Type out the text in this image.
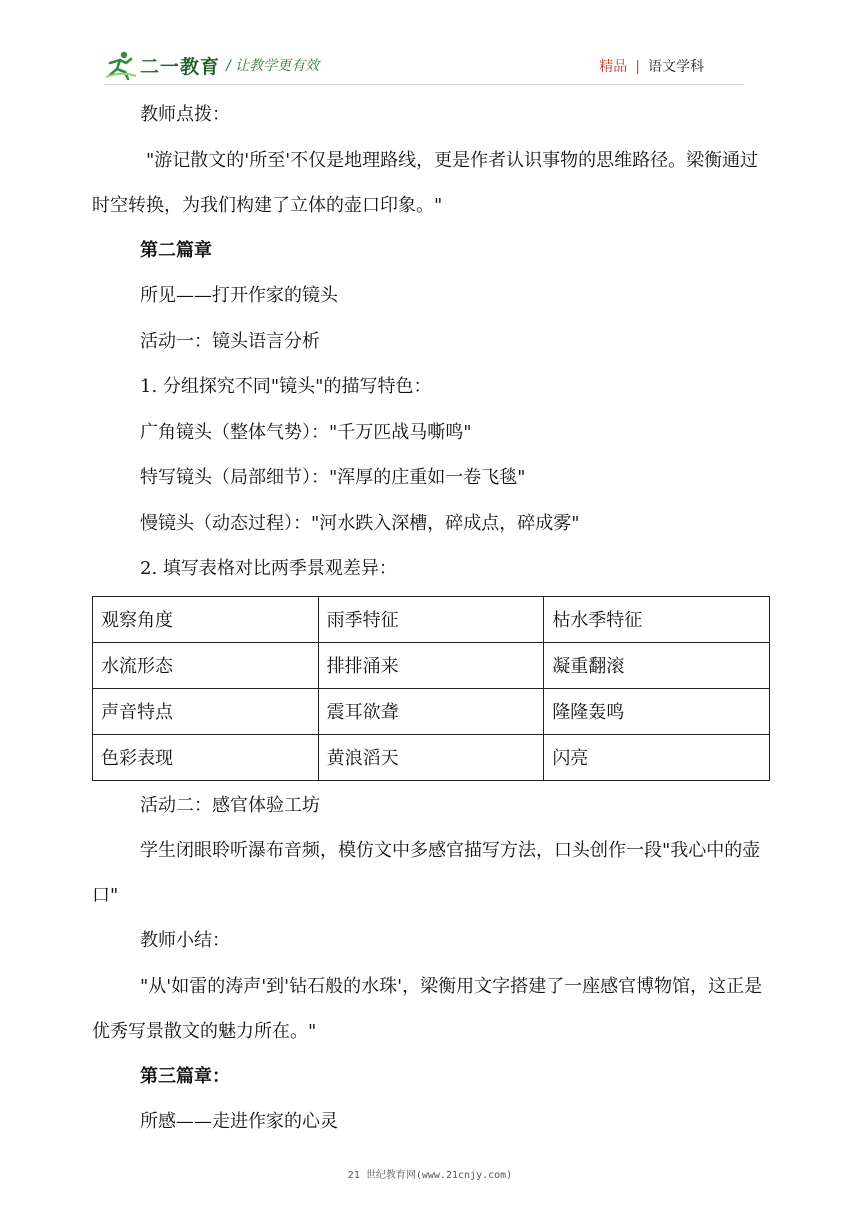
二一教育 / 让教学更有效	精品 | 语文学科

教师点拨：

"游记散文的'所至'不仅是地理路线，更是作者认识事物的思维路径。梁衡通过时空转换，为我们构建了立体的壶口印象。"

第二篇章

所见——打开作家的镜头

活动一：镜头语言分析

1. 分组探究不同"镜头"的描写特色：

广角镜头（整体气势）："千万匹战马嘶鸣"

特写镜头（局部细节）："浑厚的庄重如一卷飞毯"

慢镜头（动态过程）："河水跌入深槽，碎成点，碎成雾"

2. 填写表格对比两季景观差异：

观察角度	雨季特征	枯水季特征
水流形态	排排涌来	凝重翻滚
声音特点	震耳欲聋	隆隆轰鸣
色彩表现	黄浪滔天	闪亮

活动二：感官体验工坊

学生闭眼聆听瀑布音频，模仿文中多感官描写方法，口头创作一段"我心中的壶口"

教师小结：

"从'如雷的涛声'到'钻石般的水珠'，梁衡用文字搭建了一座感官博物馆，这正是优秀写景散文的魅力所在。"

第三篇章：

所感——走进作家的心灵

21 世纪教育网(www.21cnjy.com)
